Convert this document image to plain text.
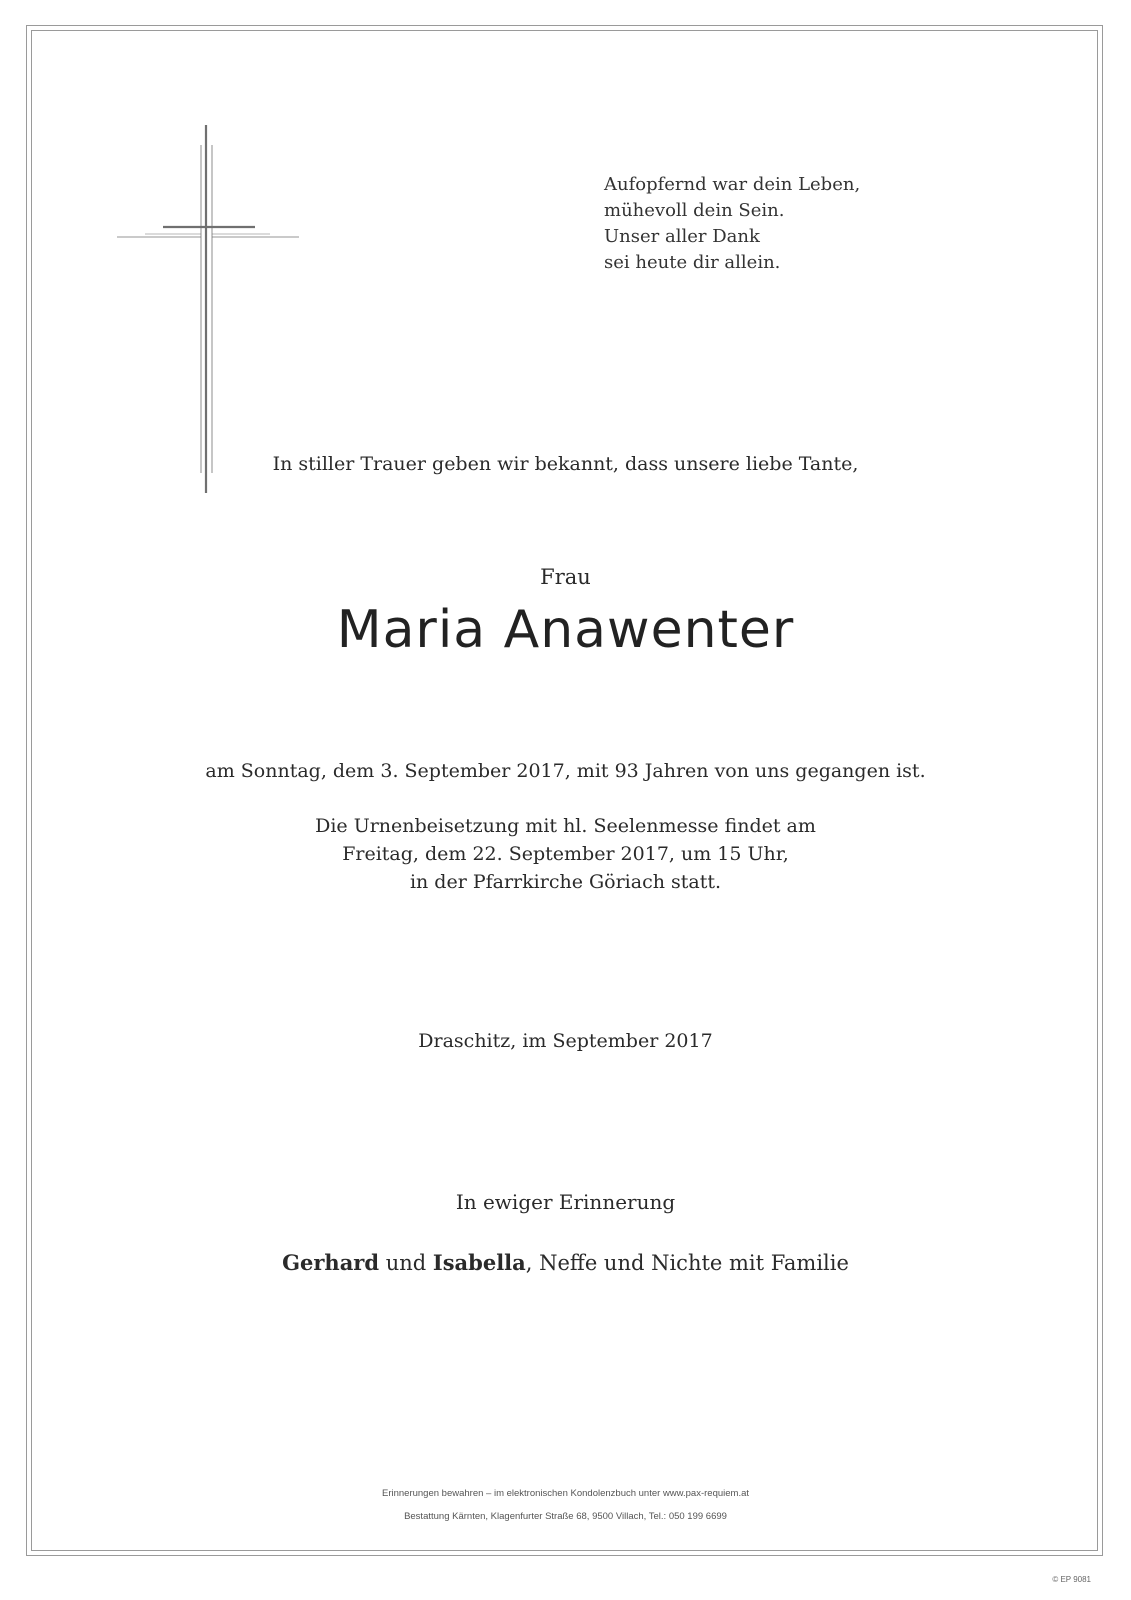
Aufopfernd war dein Leben,
mühevoll dein Sein.
Unser aller Dank
sei heute dir allein.
In stiller Trauer geben wir bekannt, dass unsere liebe Tante,
Frau
Maria Anawenter
am Sonntag, dem 3. September 2017, mit 93 Jahren von uns gegangen ist.
Die Urnenbeisetzung mit hl. Seelenmesse findet am
Freitag, dem 22. September 2017, um 15 Uhr,
in der Pfarrkirche Göriach statt.
Draschitz, im September 2017
In ewiger Erinnerung
Gerhard und Isabella, Neffe und Nichte mit Familie
Erinnerungen bewahren – im elektronischen Kondolenzbuch unter www.pax-requiem.at
Bestattung Kärnten, Klagenfurter Straße 68, 9500 Villach, Tel.: 050 199 6699
© EP 9081
